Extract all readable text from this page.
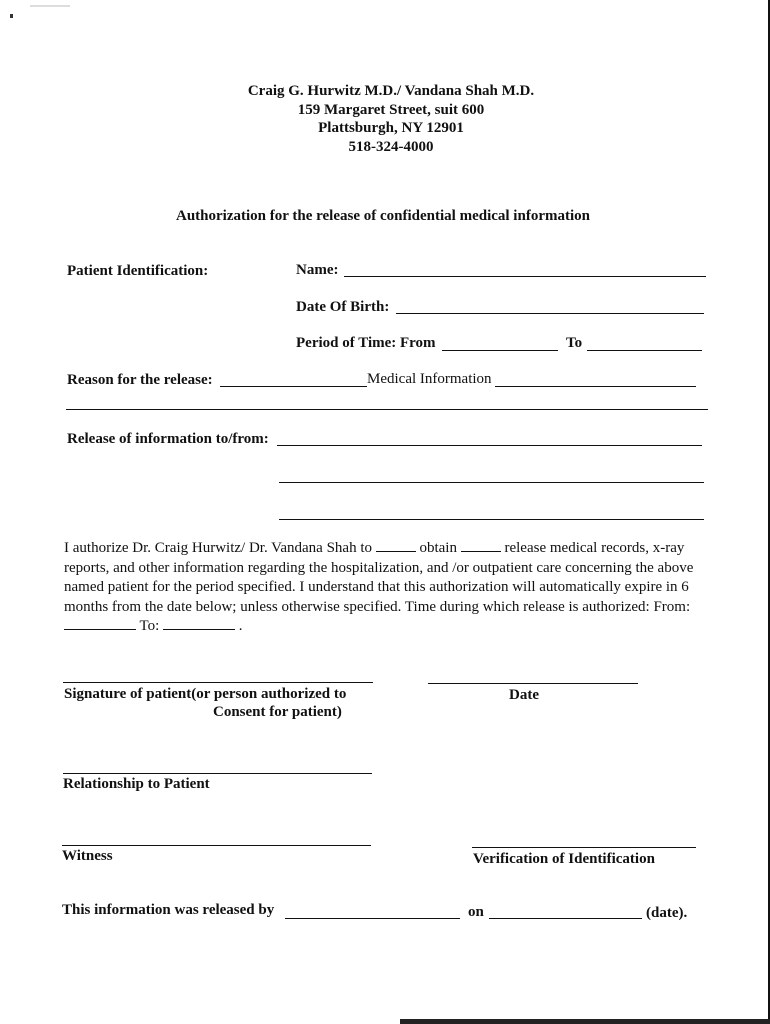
Craig G. Hurwitz M.D./ Vandana Shah M.D.
159 Margaret Street, suit 600
Plattsburgh, NY 12901
518-324-4000
Authorization for the release of confidential medical information
Patient Identification:	Name:
Date Of Birth:
Period of Time: From	To
Reason for the release:	Medical Information
Release of information to/from:
I authorize Dr. Craig Hurwitz/ Dr. Vandana Shah to	obtain	release medical records, x-ray reports, and other information regarding the hospitalization, and /or outpatient care concerning the above named patient for the period specified. I understand that this authorization will automatically expire in 6 months from the date below; unless otherwise specified. Time during which release is authorized: From:  To:	.
Signature of patient(or person authorized to
Consent for patient)
Date
Relationship to Patient
Witness	Verification of Identification
This information was released by	on	(date).
